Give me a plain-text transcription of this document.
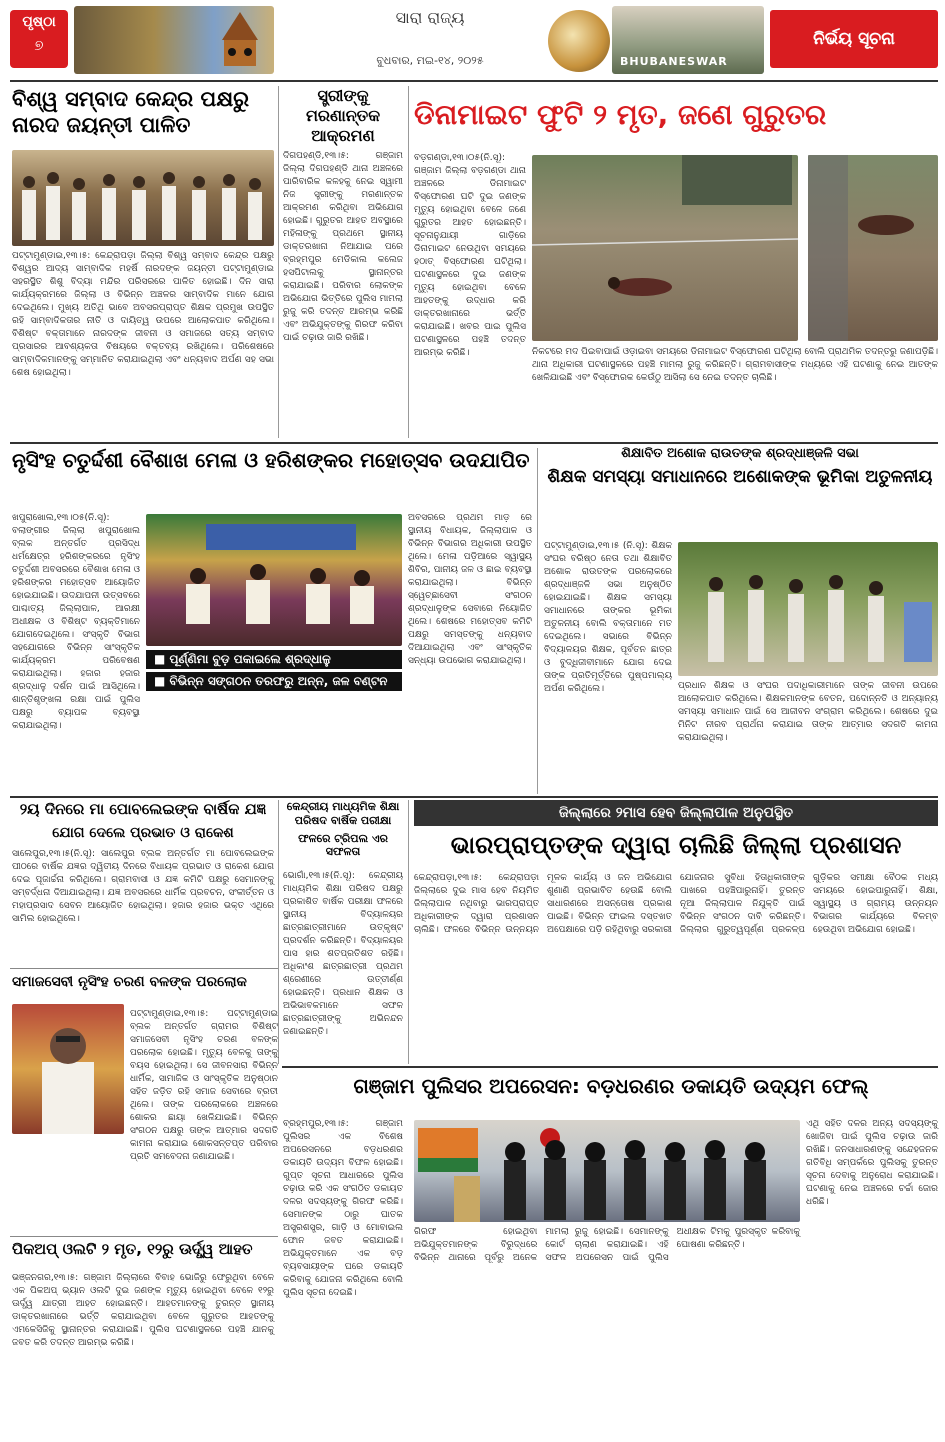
ପୃଷ୍ଠା
୭
ସାରା ରାଜ୍ୟ
ବୁଧବାର, ମଇ-୧୪, ୨୦୨୫	BHUBANESWAR
ନିର୍ଭୟ ସୂଚନା
ବିଶ୍ୱ ସମ୍ବାଦ କେନ୍ଦ୍ର ପକ୍ଷରୁ ନାରଦ ଜୟନ୍ତୀ ପାଳିତ
ପଟ୍ଟାମୁଣ୍ଡାଇ,୧୩।୫: କେନ୍ଦ୍ରାପଡ଼ା ଜିଲ୍ଲା ବିଶ୍ୱ ସମ୍ବାଦ କେନ୍ଦ୍ର ପକ୍ଷରୁ ବିଶ୍ୱର ଆଦ୍ୟ ସାମ୍ବାଦିକ ମହର୍ଷି ନାରଦଙ୍କ ଜୟନ୍ତୀ ପଟ୍ଟାମୁଣ୍ଡାଇ ସହରସ୍ଥିତ ଶିଶୁ ବିଦ୍ୟା ମନ୍ଦିର ପରିସରରେ ପାଳିତ ହୋଇଛି। ଦିନ ସାରା କାର୍ଯ୍ୟକ୍ରମରେ ଜିଲ୍ଲା ଓ ବିଭିନ୍ନ ଅଞ୍ଚଳର ସାମ୍ବାଦିକ ମାନେ ଯୋଗ ଦେଇଥିଲେ। ମୁଖ୍ୟ ଅତିଥି ଭାବେ ଅବସରପ୍ରାପ୍ତ ଶିକ୍ଷକ ପ୍ରମୁଖ ଉପସ୍ଥିତ ରହି ସାମ୍ବାଦିକତାର ନୀତି ଓ ଦାୟିତ୍ୱ ଉପରେ ଆଲୋକପାତ କରିଥିଲେ। ବିଶିଷ୍ଟ ବକ୍ତାମାନେ ନାରଦଙ୍କ ଜୀବନୀ ଓ ସମାଜରେ ସତ୍ୟ ସମ୍ବାଦ ପ୍ରସାରର ଆବଶ୍ୟକତା ବିଷୟରେ ବକ୍ତବ୍ୟ ରଖିଥିଲେ। ପରିଶେଷରେ ସାମ୍ବାଦିକମାନଙ୍କୁ ସମ୍ମାନିତ କରାଯାଇଥିଲା ଏବଂ ଧନ୍ୟବାଦ ଅର୍ପଣ ସହ ସଭା ଶେଷ ହୋଇଥିଲା।
ସ୍ତ୍ରୀଙ୍କୁ ମରଣାନ୍ତକ ଆକ୍ରମଣ
ଦିଗପହଣ୍ଡି,୧୩।୫: ଗଞ୍ଜାମ ଜିଲ୍ଲା ଦିଗପହଣ୍ଡି ଥାନା ଅଞ୍ଚଳରେ ପାରିବାରିକ କଳହକୁ ନେଇ ସ୍ୱାମୀ ନିଜ ସ୍ତ୍ରୀଙ୍କୁ ମରଣାନ୍ତକ ଆକ୍ରମଣ କରିଥିବା ଅଭିଯୋଗ ହୋଇଛି। ଗୁରୁତର ଆହତ ଅବସ୍ଥାରେ ମହିଳାଙ୍କୁ ପ୍ରଥମେ ସ୍ଥାନୀୟ ଡାକ୍ତରଖାନା ନିଆଯାଇ ପରେ ବ୍ରହ୍ମପୁର ମେଡିକାଲ କଲେଜ ହସପିଟାଲକୁ ସ୍ଥାନାନ୍ତର କରାଯାଇଛି। ପରିବାର ଲୋକଙ୍କ ଅଭିଯୋଗ ଭିତ୍ତିରେ ପୁଲିସ ମାମଲା ରୁଜୁ କରି ତଦନ୍ତ ଆରମ୍ଭ କରିଛି ଏବଂ ଅଭିଯୁକ୍ତଙ୍କୁ ଗିରଫ କରିବା ପାଇଁ ଚଢ଼ାଉ ଜାରି ରଖିଛି।
ଡିନାମାଇଟ ଫୁଟି ୨ ମୃତ, ଜଣେ ଗୁରୁତର
ବଡ଼ଗଣ୍ଡା,୧୩।୦୫(ନି.ସୂ): ଗଞ୍ଜାମ ଜିଲ୍ଲା ବଡ଼ଗଣ୍ଡା ଥାନା ଅଞ୍ଚଳରେ ଡିନାମାଇଟ ବିସ୍ଫୋରଣ ଘଟି ଦୁଇ ଜଣଙ୍କ ମୃତ୍ୟୁ ହୋଇଥିବା ବେଳେ ଜଣେ ଗୁରୁତର ଆହତ ହୋଇଛନ୍ତି। ସୂଚନାନୁଯାୟୀ ଗାଡ଼ିରେ ଡିନାମାଇଟ ନେଉଥିବା ସମୟରେ ହଠାତ୍ ବିସ୍ଫୋରଣ ଘଟିଥିଲା। ଘଟଣାସ୍ଥଳରେ ଦୁଇ ଜଣଙ୍କ ମୃତ୍ୟୁ ହୋଇଥିବା ବେଳେ ଆହତଙ୍କୁ ଉଦ୍ଧାର କରି ଡାକ୍ତରଖାନାରେ ଭର୍ତ୍ତି କରାଯାଇଛି। ଖବର ପାଇ ପୁଲିସ ଘଟଣାସ୍ଥଳରେ ପହଞ୍ଚି ତଦନ୍ତ ଆରମ୍ଭ କରିଛି।	ନିକଟରେ ମଦ ପିଇବାପାଇଁ ଓଡ଼ାଇବା ସମୟରେ ଡିନାମାଇଟ ବିସ୍ଫୋରଣ ଘଟିଥିଲା ବୋଲି ପ୍ରାଥମିକ ତଦନ୍ତରୁ ଜଣାପଡ଼ିଛି। ଥାନା ଅଧିକାରୀ ଘଟଣାସ୍ଥଳରେ ପହଞ୍ଚି ମାମଲା ରୁଜୁ କରିଛନ୍ତି। ଗ୍ରାମବାସୀଙ୍କ ମଧ୍ୟରେ ଏହି ଘଟଣାକୁ ନେଇ ଆତଙ୍କ ଖେଳିଯାଇଛି ଏବଂ ବିସ୍ଫୋରକ କେଉଁଠୁ ଆସିଲା ସେ ନେଇ ତଦନ୍ତ ଚାଲିଛି।
ନୃସିଂହ ଚତୁର୍ଦ୍ଦଶୀ ବୈଶାଖ ମେଳା ଓ ହରିଶଙ୍କର ମହୋତ୍ସବ ଉଦଯାପିତ
ଖପୁରାଖୋଲ,୧୩।୦୫(ନି.ସୂ): ବଲାଙ୍ଗୀର ଜିଲ୍ଲା ଖପୁରାଖୋଲ ବ୍ଲକ ଅନ୍ତର୍ଗତ ପ୍ରସିଦ୍ଧ ଧର୍ମକ୍ଷେତ୍ର ହରିଶଙ୍କରରେ ନୃସିଂହ ଚତୁର୍ଦ୍ଦଶୀ ଅବସରରେ ବୈଶାଖ ମେଳା ଓ ହରିଶଙ୍କର ମହୋତ୍ସବ ଆୟୋଜିତ ହୋଇଯାଇଛି। ଉଦଯାପନୀ ଉତ୍ସବରେ ପାଶ୍ଚାତ୍ୟ ଜିଲ୍ଲାପାଳ, ଆରକ୍ଷୀ ଅଧୀକ୍ଷକ ଓ ବିଶିଷ୍ଟ ବ୍ୟକ୍ତିମାନେ ଯୋଗଦେଇଥିଲେ। ସଂସ୍କୃତି ବିଭାଗ ସହଯୋଗରେ ବିଭିନ୍ନ ସାଂସ୍କୃତିକ କାର୍ଯ୍ୟକ୍ରମ ପରିବେଷଣ କରାଯାଇଥିଲା। ହଜାର ହଜାର ଶ୍ରଦ୍ଧାଳୁ ଦର୍ଶନ ପାଇଁ ଆସିଥିଲେ। ଶାନ୍ତିଶୃଙ୍ଖଳା ରକ୍ଷା ପାଇଁ ପୁଲିସ ପକ୍ଷରୁ ବ୍ୟାପକ ବ୍ୟବସ୍ଥା କରାଯାଇଥିଲା।
■ ପୂର୍ଣ୍ଣିମା ବୁଡ଼ ପକାଇଲେ ଶ୍ରଦ୍ଧାଳୁ
■ ବିଭିନ୍ନ ସଙ୍ଗଠନ ତରଫରୁ ଅନ୍ନ, ଜଳ ବଣ୍ଟନ
ଅବସରରେ ପ୍ରଥମ ମାଡ଼ ରେ ସ୍ଥାନୀୟ ବିଧାୟକ, ଜିଲ୍ଲାପାଳ ଓ ବିଭିନ୍ନ ବିଭାଗର ଅଧିକାରୀ ଉପସ୍ଥିତ ଥିଲେ। ମେଳା ପଡ଼ିଆରେ ସ୍ୱାସ୍ଥ୍ୟ ଶିବିର, ପାନୀୟ ଜଳ ଓ ଛାଇ ବ୍ୟବସ୍ଥା କରାଯାଇଥିଲା। ବିଭିନ୍ନ ସ୍ୱେଚ୍ଛାସେବୀ ସଂଗଠନ ଶ୍ରଦ୍ଧାଳୁଙ୍କ ସେବାରେ ନିୟୋଜିତ ଥିଲେ। ଶେଷରେ ମହୋତ୍ସବ କମିଟି ପକ୍ଷରୁ ସମସ୍ତଙ୍କୁ ଧନ୍ୟବାଦ ଦିଆଯାଇଥିଲା ଏବଂ ସାଂସ୍କୃତିକ ସନ୍ଧ୍ୟା ଉପଭୋଗ କରାଯାଇଥିଲା।
ଶିକ୍ଷାବିତ ଅଶୋକ ରାଉତଙ୍କ ଶ୍ରଦ୍ଧାଞ୍ଜଳି ସଭା
ଶିକ୍ଷକ ସମସ୍ୟା ସମାଧାନରେ ଅଶୋକଙ୍କ ଭୂମିକା ଅତୁଳନୀୟ
ପଟ୍ଟାମୁଣ୍ଡାଇ,୧୩।୫ (ନି.ସୂ): ଶିକ୍ଷକ ସଂଘର ବରିଷ୍ଠ ନେତା ତଥା ଶିକ୍ଷାବିତ ଅଶୋକ ରାଉତଙ୍କ ପରଲୋକରେ ଶ୍ରଦ୍ଧାଞ୍ଜଳି ସଭା ଅନୁଷ୍ଠିତ ହୋଇଯାଇଛି। ଶିକ୍ଷକ ସମସ୍ୟା ସମାଧାନରେ ତାଙ୍କର ଭୂମିକା ଅତୁଳନୀୟ ବୋଲି ବକ୍ତାମାନେ ମତ ଦେଇଥିଲେ। ସଭାରେ ବିଭିନ୍ନ ବିଦ୍ୟାଳୟର ଶିକ୍ଷକ, ପୂର୍ବତନ ଛାତ୍ର ଓ ବୁଦ୍ଧିଜୀବୀମାନେ ଯୋଗ ଦେଇ ତାଙ୍କ ପ୍ରତିମୂର୍ତ୍ତିରେ ପୁଷ୍ପମାଲ୍ୟ ଅର୍ପଣ କରିଥିଲେ।	ପ୍ରଧାନ ଶିକ୍ଷକ ଓ ସଂଘର ପଦାଧିକାରୀମାନେ ତାଙ୍କ ଜୀବନୀ ଉପରେ ଆଲୋକପାତ କରିଥିଲେ। ଶିକ୍ଷକମାନଙ୍କ ବେତନ, ପଦୋନ୍ନତି ଓ ଅନ୍ୟାନ୍ୟ ସମସ୍ୟା ସମାଧାନ ପାଇଁ ସେ ଆଜୀବନ ସଂଗ୍ରାମ କରିଥିଲେ। ଶେଷରେ ଦୁଇ ମିନିଟ ନୀରବ ପ୍ରାର୍ଥନା କରାଯାଇ ତାଙ୍କ ଆତ୍ମାର ସଦଗତି କାମନା କରାଯାଇଥିଲା।
୨ୟ ଦିନରେ ମା ପୋବଲେଇଙ୍କ ବାର୍ଷିକ ଯଜ୍ଞ
ଯୋଗ ଦେଲେ ପ୍ରଭାତ ଓ ରାକେଶ
ସାଲେପୁର,୧୩।୫(ନି.ସୂ): ସାଲେପୁର ବ୍ଲକ ଅନ୍ତର୍ଗତ ମା ପୋବଲେଇଙ୍କ ପୀଠରେ ବାର୍ଷିକ ଯଜ୍ଞର ଦ୍ୱିତୀୟ ଦିନରେ ବିଧାୟକ ପ୍ରଭାତ ଓ ରାକେଶ ଯୋଗ ଦେଇ ପୂଜାର୍ଚ୍ଚନା କରିଥିଲେ। ଗ୍ରାମବାସୀ ଓ ଯଜ୍ଞ କମିଟି ପକ୍ଷରୁ ସେମାନଙ୍କୁ ସମ୍ବର୍ଦ୍ଧନା ଦିଆଯାଇଥିଲା। ଯଜ୍ଞ ଅବସରରେ ଧାର୍ମିକ ପ୍ରବଚନ, ସଂକୀର୍ତ୍ତନ ଓ ମହାପ୍ରସାଦ ସେବନ ଆୟୋଜିତ ହୋଇଥିଲା। ହଜାର ହଜାର ଭକ୍ତ ଏଥିରେ ସାମିଲ ହୋଇଥିଲେ।
କେନ୍ଦ୍ରୀୟ ମାଧ୍ୟମିକ ଶିକ୍ଷା ପରିଷଦ ବାର୍ଷିକ ପରୀକ୍ଷା
ଫଳରେ ଟ୍ରିପଲ ଏର ସଫଳତା
ଭୋଗାଁ,୧୩।୫(ନି.ସୂ): କେନ୍ଦ୍ରୀୟ ମାଧ୍ୟମିକ ଶିକ୍ଷା ପରିଷଦ ପକ୍ଷରୁ ପ୍ରକାଶିତ ବାର୍ଷିକ ପରୀକ୍ଷା ଫଳରେ ସ୍ଥାନୀୟ ବିଦ୍ୟାଳୟର ଛାତ୍ରଛାତ୍ରୀମାନେ ଉତ୍କୃଷ୍ଟ ପ୍ରଦର୍ଶନ କରିଛନ୍ତି। ବିଦ୍ୟାଳୟର ପାସ ହାର ଶତପ୍ରତିଶତ ରହିଛି। ଅଧିକାଂଶ ଛାତ୍ରଛାତ୍ରୀ ପ୍ରଥମ ଶ୍ରେଣୀରେ ଉତ୍ତୀର୍ଣ୍ଣ ହୋଇଛନ୍ତି। ପ୍ରଧାନ ଶିକ୍ଷକ ଓ ଅଭିଭାବକମାନେ ସଫଳ ଛାତ୍ରଛାତ୍ରୀଙ୍କୁ ଅଭିନନ୍ଦନ ଜଣାଇଛନ୍ତି।
ସମାଜସେବୀ ନୃସିଂହ ଚରଣ ବଳଙ୍କ ପରଲୋକ
ପଟ୍ଟାମୁଣ୍ଡାଇ,୧୩।୫: ପଟ୍ଟାମୁଣ୍ଡାଇ ବ୍ଲକ ଅନ୍ତର୍ଗତ ଗ୍ରାମର ବିଶିଷ୍ଟ ସମାଜସେବୀ ନୃସିଂହ ଚରଣ ବଳଙ୍କ ପରଲୋକ ହୋଇଛି। ମୃତ୍ୟୁ ବେଳକୁ ତାଙ୍କୁ ବୟସ ହୋଇଥିଲା। ସେ ଜୀବନସାରା ବିଭିନ୍ନ ଧାର୍ମିକ, ସାମାଜିକ ଓ ସାଂସ୍କୃତିକ ଅନୁଷ୍ଠାନ ସହିତ ଜଡ଼ିତ ରହି ସମାଜ ସେବାରେ ବ୍ରତୀ ଥିଲେ। ତାଙ୍କ ପରଲୋକରେ ଅଞ୍ଚଳରେ ଶୋକର ଛାୟା ଖେଳିଯାଇଛି। ବିଭିନ୍ନ ସଂଗଠନ ପକ୍ଷରୁ ତାଙ୍କ ଆତ୍ମାର ସଦଗତି କାମନା କରାଯାଇ ଶୋକସନ୍ତପ୍ତ ପରିବାର ପ୍ରତି ସମବେଦନା ଜଣାଯାଇଛି।
ପିକଅପ୍ ଓଲଟି ୨ ମୃତ, ୧୨ରୁ ଊର୍ଦ୍ଧ୍ୱ ଆହତ
ଭଞ୍ଜନଗର,୧୩।୫: ଗଞ୍ଜାମ ଜିଲ୍ଲାରେ ବିବାହ ଭୋଜିରୁ ଫେରୁଥିବା ବେଳେ ଏକ ପିକଅପ୍ ଭ୍ୟାନ ଓଲଟି ଦୁଇ ଜଣଙ୍କ ମୃତ୍ୟୁ ହୋଇଥିବା ବେଳେ ୧୨ରୁ ଊର୍ଦ୍ଧ୍ୱ ଯାତ୍ରୀ ଆହତ ହୋଇଛନ୍ତି। ଆହତମାନଙ୍କୁ ତୁରନ୍ତ ସ୍ଥାନୀୟ ଡାକ୍ତରଖାନାରେ ଭର୍ତ୍ତି କରାଯାଇଥିବା ବେଳେ ଗୁରୁତର ଆହତଙ୍କୁ ଏମକେସିଜିକୁ ସ୍ଥାନାନ୍ତର କରାଯାଇଛି। ପୁଲିସ ଘଟଣାସ୍ଥଳରେ ପହଞ୍ଚି ଯାନକୁ ଜବତ କରି ତଦନ୍ତ ଆରମ୍ଭ କରିଛି।
ଜିଲ୍ଲାରେ ୨ମାସ ହେବ ଜିଲ୍ଲାପାଳ ଅନୁପସ୍ଥିତ
ଭାରପ୍ରାପ୍ତଙ୍କ ଦ୍ୱାରା ଚାଲିଛି ଜିଲ୍ଲା ପ୍ରଶାସନ
କେନ୍ଦ୍ରାପଡ଼ା,୧୩।୫: କେନ୍ଦ୍ରାପଡ଼ା ଜିଲ୍ଲାରେ ଦୁଇ ମାସ ହେବ ନିୟମିତ ଜିଲ୍ଲାପାଳ ନଥିବାରୁ ଭାରପ୍ରାପ୍ତ ଅଧିକାରୀଙ୍କ ଦ୍ୱାରା ପ୍ରଶାସନ ଚାଲିଛି। ଫଳରେ ବିଭିନ୍ନ ଉନ୍ନୟନ ମୂଳକ କାର୍ଯ୍ୟ ଓ ଜନ ଅଭିଯୋଗ ଶୁଣାଣି ପ୍ରଭାବିତ ହେଉଛି ବୋଲି ସାଧାରଣରେ ଅସନ୍ତୋଷ ପ୍ରକାଶ ପାଇଛି। ବିଭିନ୍ନ ଫାଇଲ ଦସ୍ତଖତ ଅପେକ୍ଷାରେ ପଡ଼ି ରହିଥିବାରୁ ସରକାରୀ ଯୋଜନାର ସୁବିଧା ହିତାଧିକାରୀଙ୍କ ପାଖରେ ପହଞ୍ଚିପାରୁନାହିଁ। ତୁରନ୍ତ ନୂଆ ଜିଲ୍ଲାପାଳ ନିଯୁକ୍ତି ପାଇଁ ବିଭିନ୍ନ ସଂଗଠନ ଦାବି କରିଛନ୍ତି। ଜିଲ୍ଲାର ଗୁରୁତ୍ୱପୂର୍ଣ୍ଣ ପ୍ରକଳ୍ପ ଗୁଡ଼ିକର ସମୀକ୍ଷା ବୈଠକ ମଧ୍ୟ ସମୟରେ ହୋଇପାରୁନାହିଁ। ଶିକ୍ଷା, ସ୍ୱାସ୍ଥ୍ୟ ଓ ଗ୍ରାମ୍ୟ ଉନ୍ନୟନ ବିଭାଗର କାର୍ଯ୍ୟରେ ବିଳମ୍ବ ହେଉଥିବା ଅଭିଯୋଗ ହୋଇଛି।
ଗଞ୍ଜାମ ପୁଲିସର ଅପରେସନ: ବଡ଼ଧରଣର ଡକାୟତି ଉଦ୍ୟମ ଫେଲ୍
ବ୍ରହ୍ମପୁର,୧୩।୫: ଗଞ୍ଜାମ ପୁଲିସର ଏକ ବିଶେଷ ଅପରେସନରେ ବଡ଼ଧରଣର ଡକାୟତି ଉଦ୍ୟମ ବିଫଳ ହୋଇଛି। ଗୁପ୍ତ ସୂଚନା ଆଧାରରେ ପୁଲିସ ଚଢ଼ାଉ କରି ଏକ ସଂଗଠିତ ଡକାୟତ ଦଳର ସଦସ୍ୟଙ୍କୁ ଗିରଫ କରିଛି। ସେମାନଙ୍କ ଠାରୁ ଘାତକ ଅସ୍ତ୍ରଶସ୍ତ୍ର, ଗାଡ଼ି ଓ ମୋବାଇଲ ଫୋନ ଜବତ କରାଯାଇଛି। ଅଭିଯୁକ୍ତମାନେ ଏକ ବଡ଼ ବ୍ୟବସାୟୀଙ୍କ ଘରେ ଡକାୟତି କରିବାକୁ ଯୋଜନା କରିଥିଲେ ବୋଲି ପୁଲିସ ସୂଚନା ଦେଇଛି।
ଗିରଫ ହୋଇଥିବା ଅଭିଯୁକ୍ତମାନଙ୍କ ବିରୁଦ୍ଧରେ ବିଭିନ୍ନ ଥାନାରେ ପୂର୍ବରୁ ଅନେକ ମାମଲା ରୁଜୁ ହୋଇଛି। ସେମାନଙ୍କୁ କୋର୍ଟ ଚାଲାଣ କରାଯାଇଛି। ଏହି ସଫଳ ଅପରେସନ ପାଇଁ ପୁଲିସ ଅଧୀକ୍ଷକ ଟିମକୁ ପୁରସ୍କୃତ କରିବାକୁ ଘୋଷଣା କରିଛନ୍ତି।
ଏଥି ସହିତ ଦଳର ଅନ୍ୟ ସଦସ୍ୟଙ୍କୁ ଖୋଜିବା ପାଇଁ ପୁଲିସ ଚଢ଼ାଉ ଜାରି ରଖିଛି। ଜନସାଧାରଣଙ୍କୁ ସନ୍ଦେହଜନକ ଗତିବିଧି ସମ୍ପର୍କରେ ପୁଲିସକୁ ତୁରନ୍ତ ସୂଚନା ଦେବାକୁ ଅନୁରୋଧ କରାଯାଇଛି। ଘଟଣାକୁ ନେଇ ଅଞ୍ଚଳରେ ଚର୍ଚ୍ଚା ଜୋର ଧରିଛି।
